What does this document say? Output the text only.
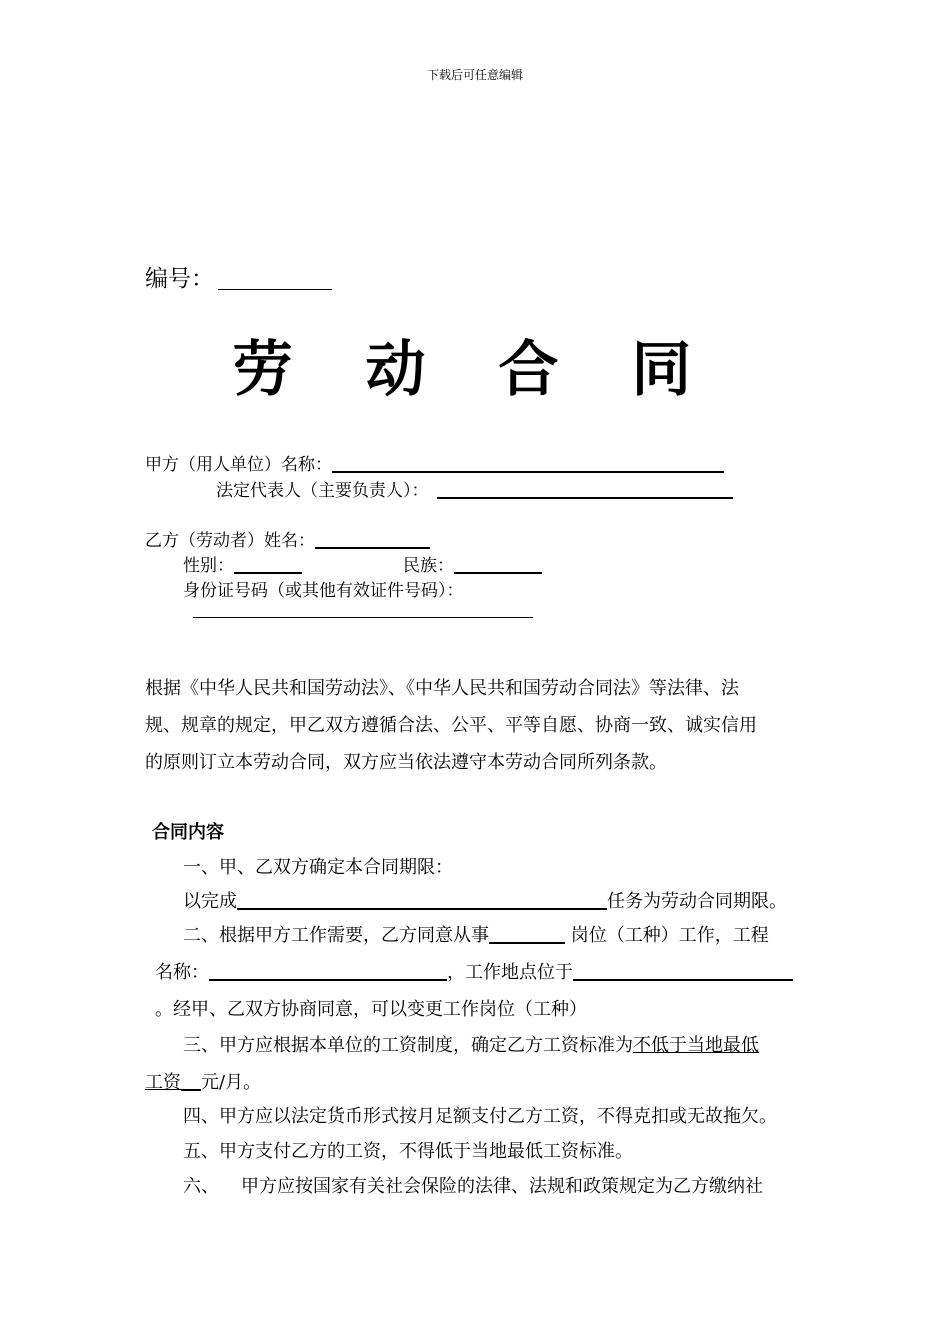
下载后可任意编辑
编号：
劳 动 合 同
甲方（用人单位）名称：
法定代表人（主要负责人）：
乙方（劳动者）姓名：
性别：	民族：
身份证号码（或其他有效证件号码）：
根据《中华人民共和国劳动法》、《中华人民共和国劳动合同法》等法律、法
规、规章的规定，甲乙双方遵循合法、公平、平等自愿、协商一致、诚实信用
的原则订立本劳动合同，双方应当依法遵守本劳动合同所列条款。
合同内容
一、甲、乙双方确定本合同期限：
以完成	任务为劳动合同期限。
二、根据甲方工作需要，乙方同意从事	岗位（工种）工作，工程
名称：	，工作地点位于
。经甲、乙双方协商同意，可以变更工作岗位（工种）
三、甲方应根据本单位的工资制度，确定乙方工资标准为不低于当地最低
工资 元/月。
四、甲方应以法定货币形式按月足额支付乙方工资，不得克扣或无故拖欠。
五、甲方支付乙方的工资，不得低于当地最低工资标准。
六、 甲方应按国家有关社会保险的法律、法规和政策规定为乙方缴纳社
